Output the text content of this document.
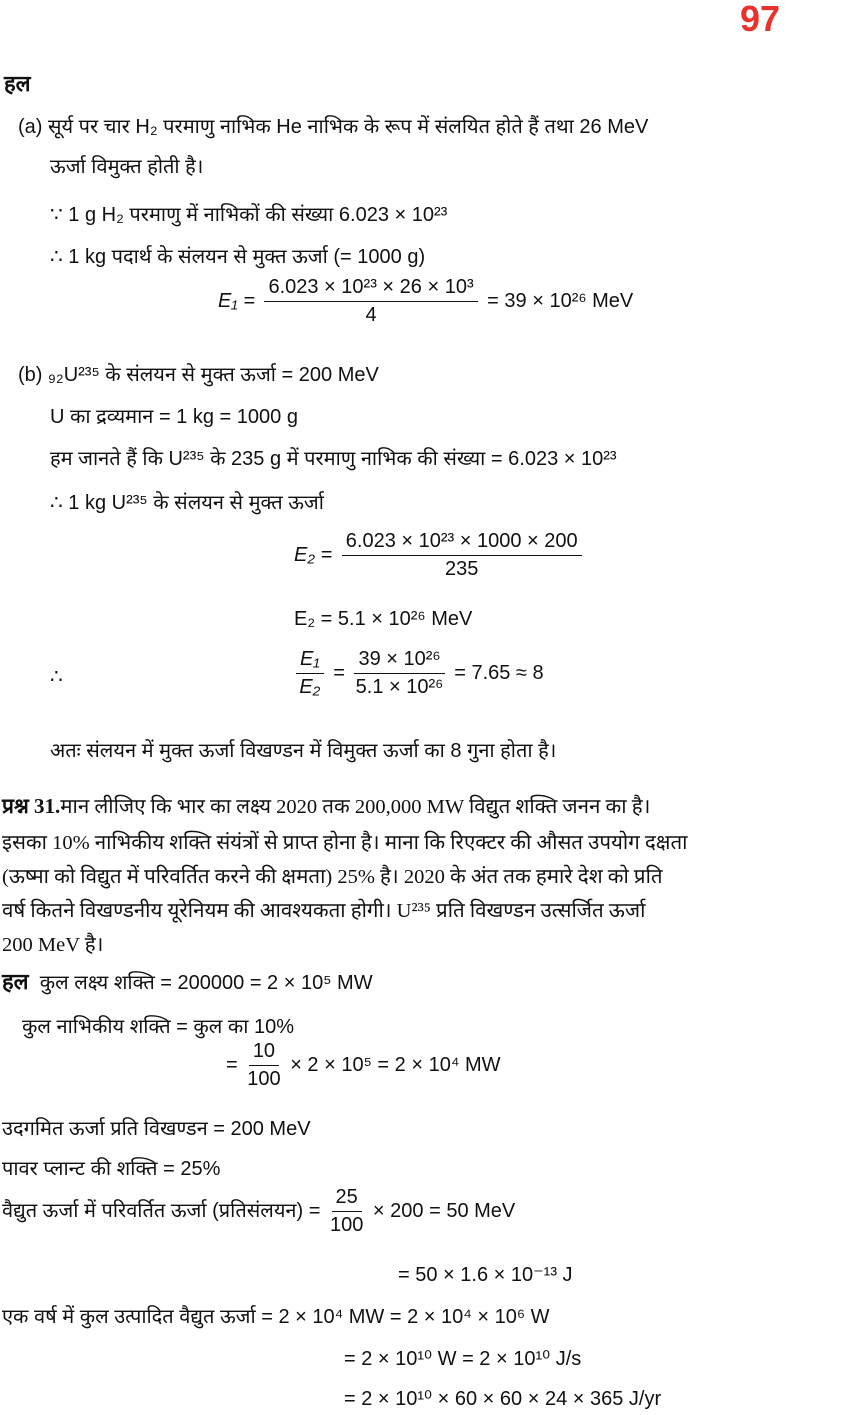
97
हल
(a) सूर्य पर चार H₂ परमाणु नाभिक He नाभिक के रूप में संलयित होते हैं तथा 26 MeV
ऊर्जा विमुक्त होती है।
∵ 1 g H₂ परमाणु में नाभिकों की संख्या 6.023 × 10²³
∴ 1 kg पदार्थ के संलयन से मुक्त ऊर्जा (= 1000 g)
$E_1 = \frac{\text{6.023 × 10²³ × 26 × 10³}}{4} = 39 \times 10^{26}$ MeV
(b) ₉₂U²³⁵ के संलयन से मुक्त ऊर्जा = 200 MeV
U का द्रव्यमान = 1 kg = 1000 g
हम जानते हैं कि U²³⁵ के 235 g में परमाणु नाभिक की संख्या = 6.023 × 10²³
∴ 1 kg U²³⁵ के संलयन से मुक्त ऊर्जा
$E_2 = \frac{\text{6.023 × 10²³ × 1000 × 200}}{235}$
E₂ = 5.1 × 10²⁶ MeV
∴	$\frac{\text{E₁}}{\text{E₂}} = \frac{\text{39 × 10²⁶}}{\text{5.1 × 10²⁶}} = 7.65 \approx 8$
अतः संलयन में मुक्त ऊर्जा विखण्डन में विमुक्त ऊर्जा का 8 गुना होता है।
प्रश्न 31.मान लीजिए कि भार का लक्ष्य 2020 तक 200,000 MW विद्युत शक्ति जनन का है।
इसका 10% नाभिकीय शक्ति संयंत्रों से प्राप्त होना है। माना कि रिएक्टर की औसत उपयोग दक्षता
(ऊष्मा को विद्युत में परिवर्तित करने की क्षमता) 25% है। 2020 के अंत तक हमारे देश को प्रति
वर्ष कितने विखण्डनीय यूरेनियम की आवश्यकता होगी। U²³⁵ प्रति विखण्डन उत्सर्जित ऊर्जा
200 MeV है।
हल कुल लक्ष्य शक्ति = 200000 = 2 × 10⁵ MW
कुल नाभिकीय शक्ति = कुल का 10%
= $\frac{10}{100} \times 2 \times 10^5 = 2 \times 10^4$ MW
उदगमित ऊर्जा प्रति विखण्डन = 200 MeV
पावर प्लान्ट की शक्ति = 25%
वैद्युत ऊर्जा में परिवर्तित ऊर्जा (प्रतिसंलयन) = $\frac{25}{100} \times 200 = 50$ MeV
= 50 × 1.6 × 10⁻¹³ J
एक वर्ष में कुल उत्पादित वैद्युत ऊर्जा = 2 × 10⁴ MW = 2 × 10⁴ × 10⁶ W
= 2 × 10¹⁰ W = 2 × 10¹⁰ J/s
= 2 × 10¹⁰ × 60 × 60 × 24 × 365 J/yr
